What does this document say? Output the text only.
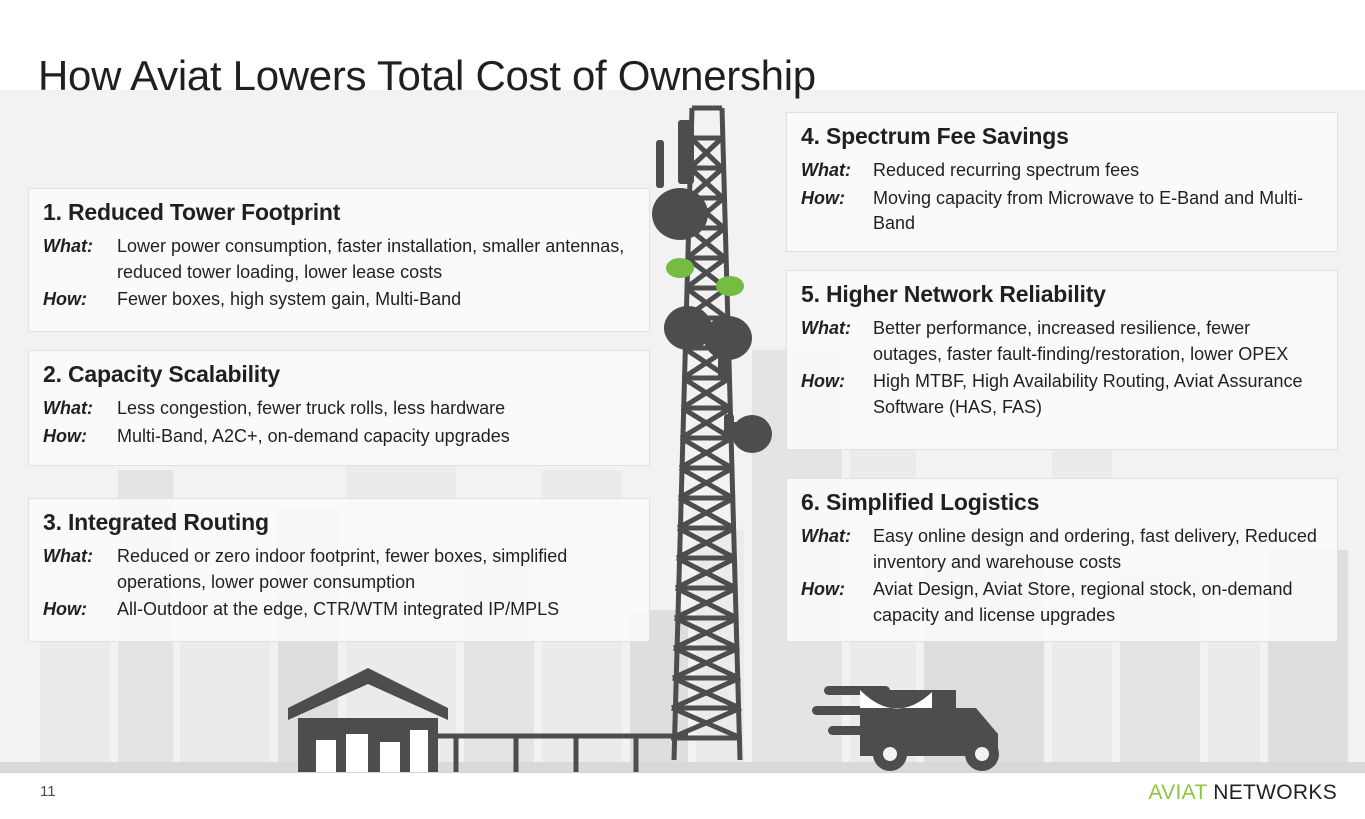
How Aviat Lowers Total Cost of Ownership
1. Reduced Tower Footprint
What:	Lower power consumption, faster installation, smaller antennas, reduced tower loading, lower lease costs
How:	Fewer boxes, high system gain, Multi-Band
2. Capacity Scalability
What:	Less congestion, fewer truck rolls, less hardware
How:	Multi-Band, A2C+, on-demand capacity upgrades
3. Integrated Routing
What:	Reduced or zero indoor footprint, fewer boxes, simplified operations, lower power consumption
How:	All-Outdoor at the edge, CTR/WTM integrated IP/MPLS
4. Spectrum Fee Savings
What:	Reduced recurring spectrum fees
How:	Moving capacity from Microwave to E-Band and Multi-Band
5. Higher Network Reliability
What:	Better performance, increased resilience, fewer outages, faster fault-finding/restoration, lower OPEX
How:	High MTBF, High Availability Routing, Aviat Assurance Software (HAS, FAS)
6. Simplified Logistics
What:	Easy online design and ordering, fast delivery, Reduced inventory and warehouse costs
How:	Aviat Design, Aviat Store, regional stock, on-demand capacity and license upgrades
11	AVIAT NETWORKS
